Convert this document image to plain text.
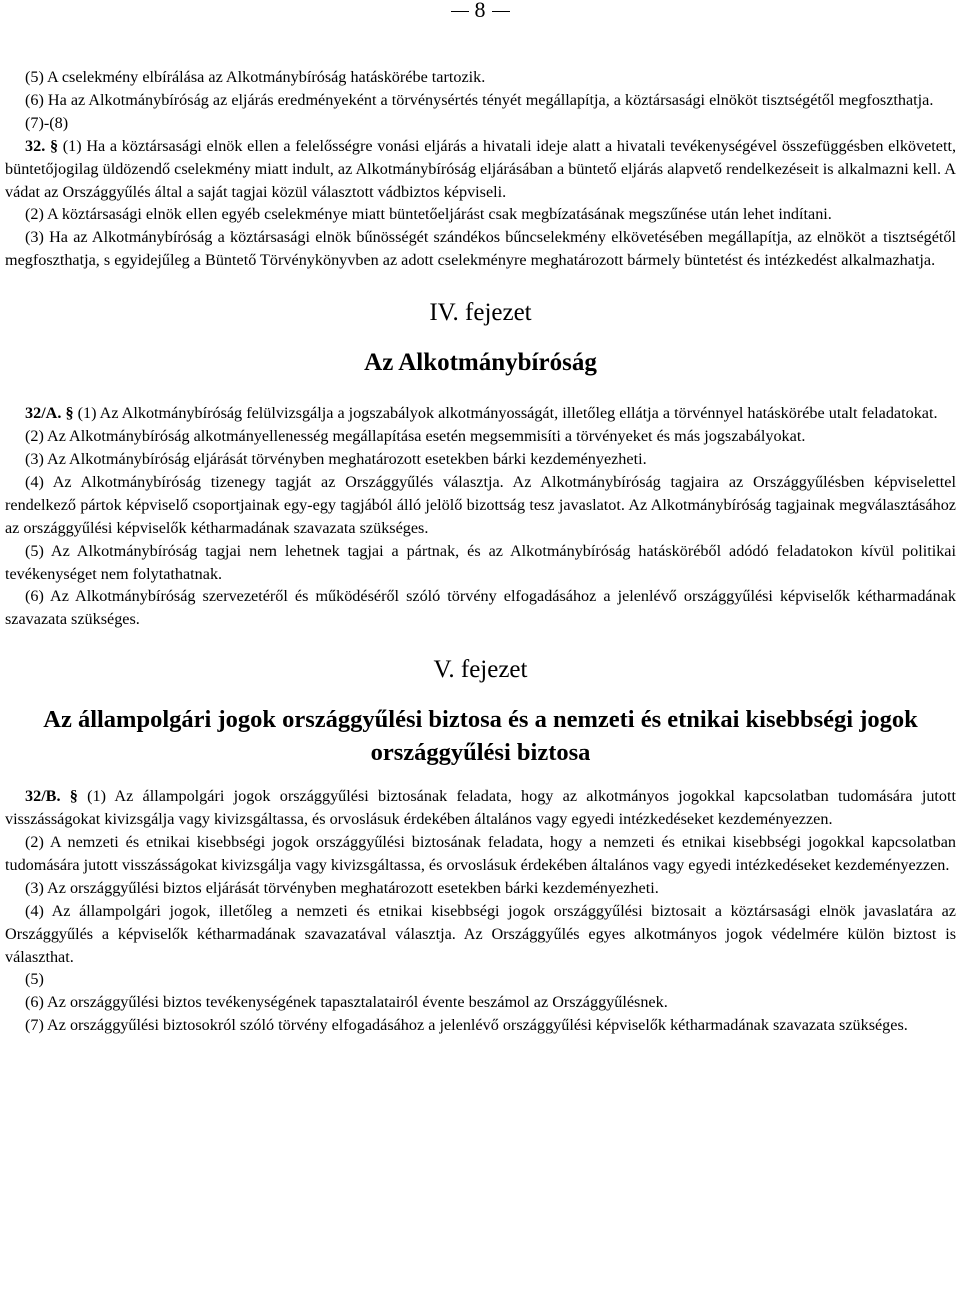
8

(5) A cselekmény elbírálása az Alkotmánybíróság hatáskörébe tartozik.

(6) Ha az Alkotmánybíróság az eljárás eredményeként a törvénysértés tényét megállapítja, a köztársasági elnököt tisztségétől megfoszthatja.

(7)-(8)

32. § (1) Ha a köztársasági elnök ellen a felelősségre vonási eljárás a hivatali ideje alatt a hivatali tevékenységével összefüggésben elkövetett, büntetőjogilag üldözendő cselekmény miatt indult, az Alkotmánybíróság eljárásában a büntető eljárás alapvető rendelkezéseit is alkalmazni kell. A vádat az Országgyűlés által a saját tagjai közül választott vádbiztos képviseli.

(2) A köztársasági elnök ellen egyéb cselekménye miatt büntetőeljárást csak megbízatásának megszűnése után lehet indítani.

(3) Ha az Alkotmánybíróság a köztársasági elnök bűnösségét szándékos bűncselekmény elkövetésében megállapítja, az elnököt a tisztségétől megfoszthatja, s egyidejűleg a Büntető Törvénykönyvben az adott cselekményre meghatározott bármely büntetést és intézkedést alkalmazhatja.

IV. fejezet
Az Alkotmánybíróság

32/A. § (1) Az Alkotmánybíróság felülvizsgálja a jogszabályok alkotmányosságát, illetőleg ellátja a törvénnyel hatáskörébe utalt feladatokat.

(2) Az Alkotmánybíróság alkotmányellenesség megállapítása esetén megsemmisíti a törvényeket és más jogszabályokat.

(3) Az Alkotmánybíróság eljárását törvényben meghatározott esetekben bárki kezdeményezheti.

(4) Az Alkotmánybíróság tizenegy tagját az Országgyűlés választja. Az Alkotmánybíróság tagjaira az Országgyűlésben képviselettel rendelkező pártok képviselő csoportjainak egy-egy tagjából álló jelölő bizottság tesz javaslatot. Az Alkotmánybíróság tagjainak megválasztásához az országgyűlési képviselők kétharmadának szavazata szükséges.

(5) Az Alkotmánybíróság tagjai nem lehetnek tagjai a pártnak, és az Alkotmánybíróság hatásköréből adódó feladatokon kívül politikai tevékenységet nem folytathatnak.

(6) Az Alkotmánybíróság szervezetéről és működéséről szóló törvény elfogadásához a jelenlévő országgyűlési képviselők kétharmadának szavazata szükséges.

V. fejezet
Az állampolgári jogok országgyűlési biztosa és a nemzeti és etnikai kisebbségi jogok országgyűlési biztosa

32/B. § (1) Az állampolgári jogok országgyűlési biztosának feladata, hogy az alkotmányos jogokkal kapcsolatban tudomására jutott visszásságokat kivizsgálja vagy kivizsgáltassa, és orvoslásuk érdekében általános vagy egyedi intézkedéseket kezdeményezzen.

(2) A nemzeti és etnikai kisebbségi jogok országgyűlési biztosának feladata, hogy a nemzeti és etnikai kisebbségi jogokkal kapcsolatban tudomására jutott visszásságokat kivizsgálja vagy kivizsgáltassa, és orvoslásuk érdekében általános vagy egyedi intézkedéseket kezdeményezzen.

(3) Az országgyűlési biztos eljárását törvényben meghatározott esetekben bárki kezdeményezheti.

(4) Az állampolgári jogok, illetőleg a nemzeti és etnikai kisebbségi jogok országgyűlési biztosait a köztársasági elnök javaslatára az Országgyűlés a képviselők kétharmadának szavazatával választja. Az Országgyűlés egyes alkotmányos jogok védelmére külön biztost is választhat.

(5)

(6) Az országgyűlési biztos tevékenységének tapasztalatairól évente beszámol az Országgyűlésnek.

(7) Az országgyűlési biztosokról szóló törvény elfogadásához a jelenlévő országgyűlési képviselők kétharmadának szavazata szükséges.
